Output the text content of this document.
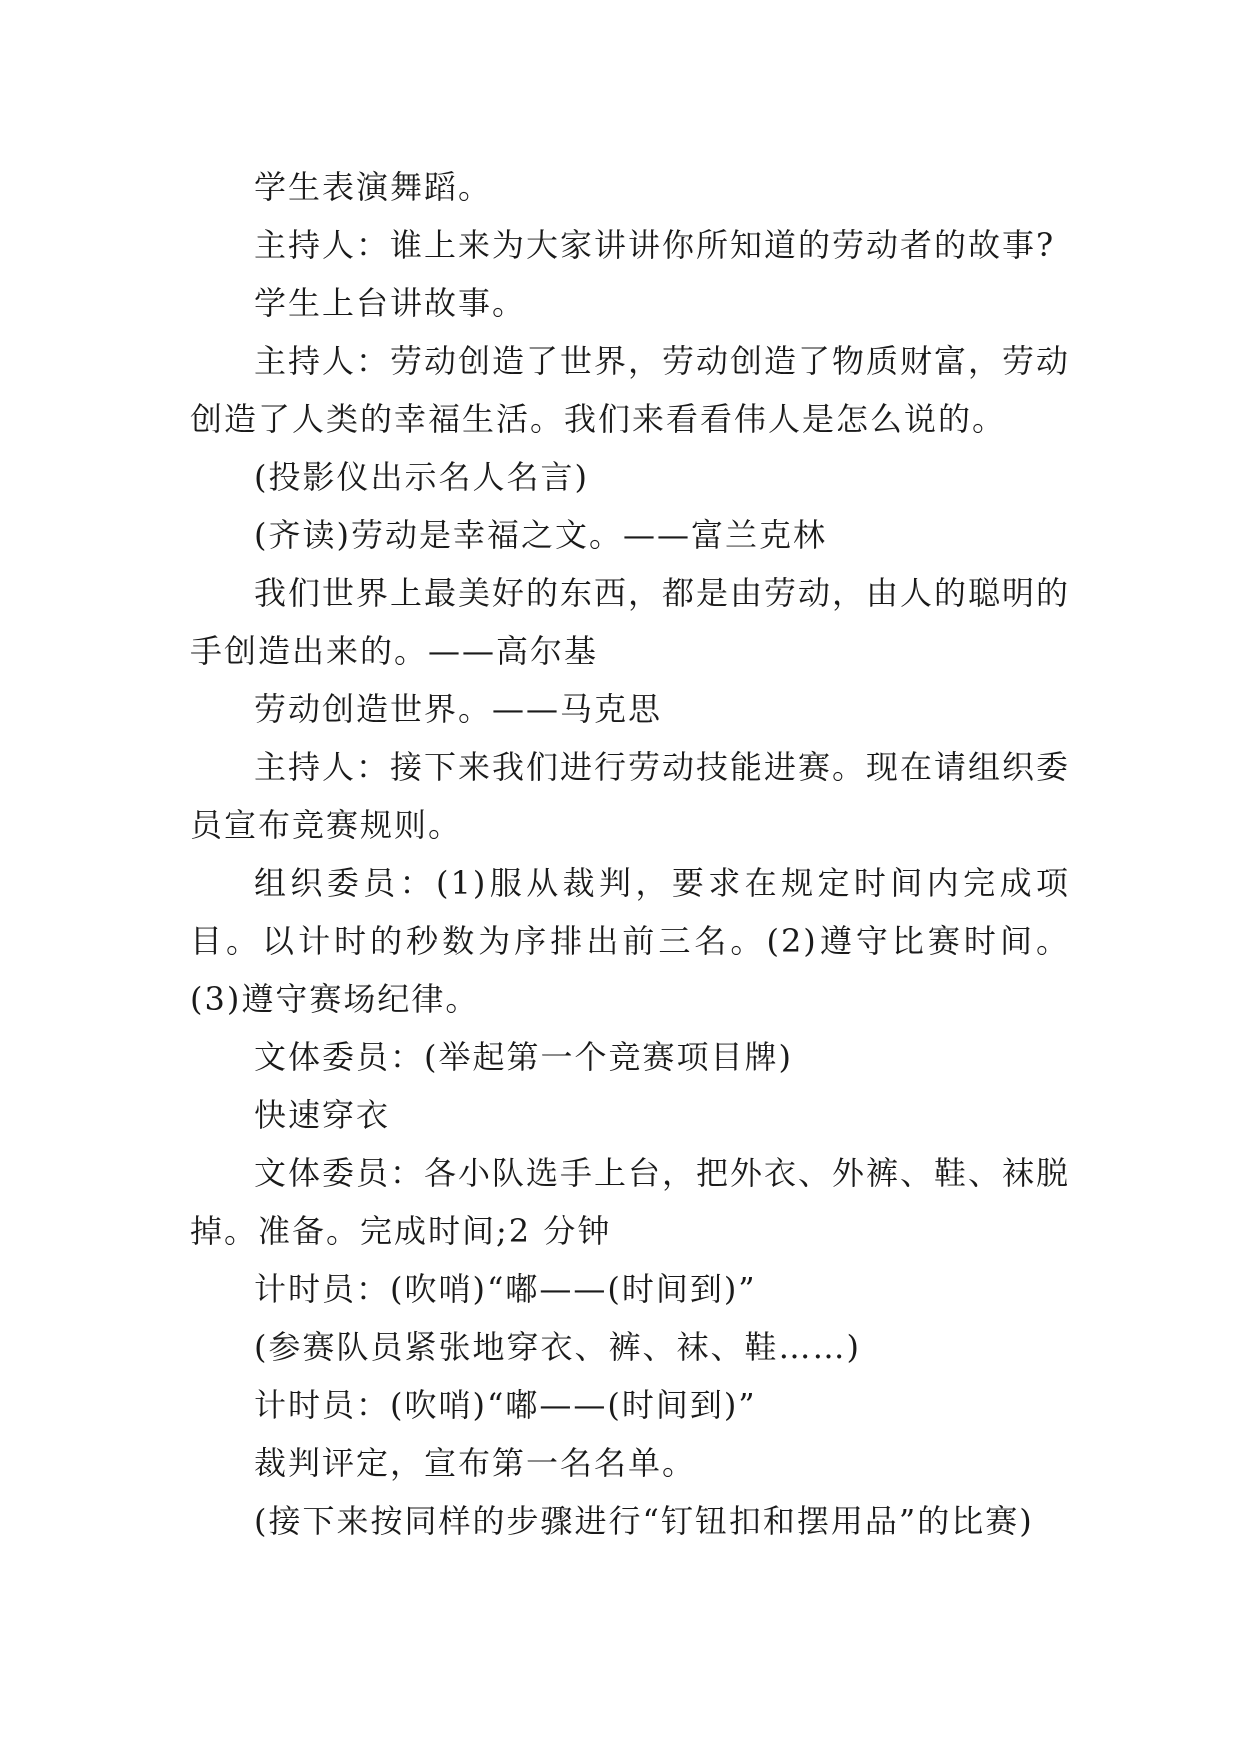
学生表演舞蹈。

主持人：谁上来为大家讲讲你所知道的劳动者的故事?

学生上台讲故事。

主持人：劳动创造了世界，劳动创造了物质财富，劳动创造了人类的幸福生活。我们来看看伟人是怎么说的。

(投影仪出示名人名言)

(齐读)劳动是幸福之文。——富兰克林

我们世界上最美好的东西，都是由劳动，由人的聪明的手创造出来的。——高尔基

劳动创造世界。——马克思

主持人：接下来我们进行劳动技能进赛。现在请组织委员宣布竞赛规则。

组织委员：(1)服从裁判，要求在规定时间内完成项目。以计时的秒数为序排出前三名。(2)遵守比赛时间。(3)遵守赛场纪律。

文体委员：(举起第一个竞赛项目牌)

快速穿衣

文体委员：各小队选手上台，把外衣、外裤、鞋、袜脱掉。准备。完成时间;2 分钟

计时员：(吹哨)“嘟——(时间到)”

(参赛队员紧张地穿衣、裤、袜、鞋……)

计时员：(吹哨)“嘟——(时间到)”

裁判评定，宣布第一名名单。

(接下来按同样的步骤进行“钉钮扣和摆用品”的比赛)
